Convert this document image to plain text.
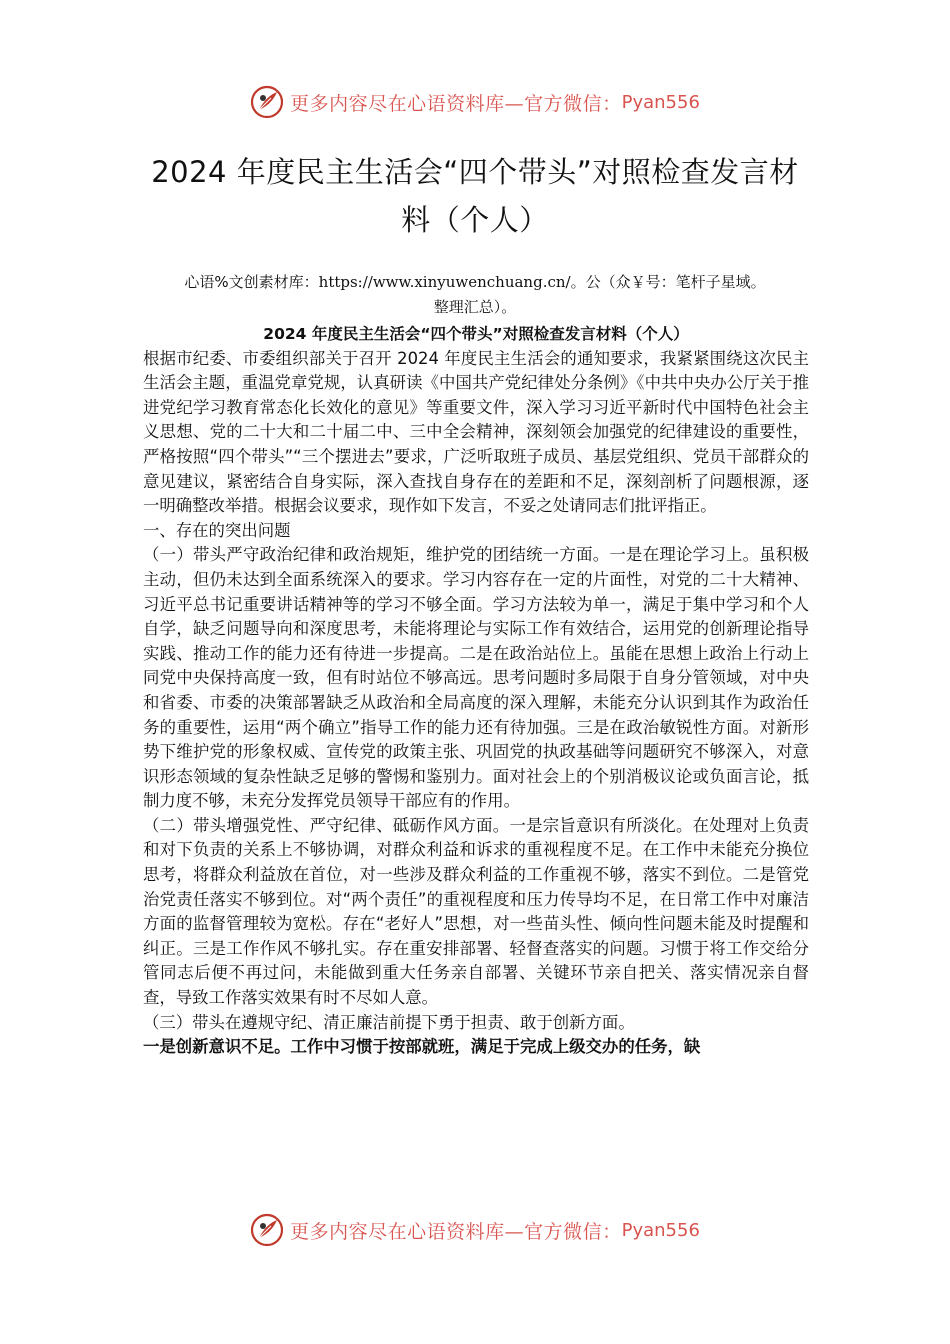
更多内容尽在心语资料库—官方微信： Pyan556
2024 年度民主生活会“四个带头”对照检查发言材
料（个人）
心语%文创素材库：https://www.xinyuwenchuang.cn/。公（众￥号：笔杆子星域。
整理汇总）。

2024 年度民主生活会“四个带头”对照检查发言材料（个人）

根据市纪委、市委组织部关于召开 2024 年度民主生活会的通知要求，我紧紧围绕这次民主生活会主题，重温党章党规，认真研读《中国共产党纪律处分条例》《中共中央办公厅关于推进党纪学习教育常态化长效化的意见》等重要文件，深入学习习近平新时代中国特色社会主义思想、党的二十大和二十届二中、三中全会精神，深刻领会加强党的纪律建设的重要性，严格按照“四个带头”“三个摆进去”要求，广泛听取班子成员、基层党组织、党员干部群众的意见建议，紧密结合自身实际，深入查找自身存在的差距和不足，深刻剖析了问题根源，逐一明确整改举措。根据会议要求，现作如下发言，不妥之处请同志们批评指正。

一、存在的突出问题

（一）带头严守政治纪律和政治规矩，维护党的团结统一方面。一是在理论学习上。虽积极主动，但仍未达到全面系统深入的要求。学习内容存在一定的片面性，对党的二十大精神、习近平总书记重要讲话精神等的学习不够全面。学习方法较为单一，满足于集中学习和个人自学，缺乏问题导向和深度思考，未能将理论与实际工作有效结合，运用党的创新理论指导实践、推动工作的能力还有待进一步提高。二是在政治站位上。虽能在思想上政治上行动上同党中央保持高度一致，但有时站位不够高远。思考问题时多局限于自身分管领域，对中央和省委、市委的决策部署缺乏从政治和全局高度的深入理解，未能充分认识到其作为政治任务的重要性，运用“两个确立”指导工作的能力还有待加强。三是在政治敏锐性方面。对新形势下维护党的形象权威、宣传党的政策主张、巩固党的执政基础等问题研究不够深入，对意识形态领域的复杂性缺乏足够的警惕和鉴别力。面对社会上的个别消极议论或负面言论，抵制力度不够，未充分发挥党员领导干部应有的作用。

（二）带头增强党性、严守纪律、砥砺作风方面。一是宗旨意识有所淡化。在处理对上负责和对下负责的关系上不够协调，对群众利益和诉求的重视程度不足。在工作中未能充分换位思考，将群众利益放在首位，对一些涉及群众利益的工作重视不够，落实不到位。二是管党治党责任落实不够到位。对“两个责任”的重视程度和压力传导均不足，在日常工作中对廉洁方面的监督管理较为宽松。存在“老好人”思想，对一些苗头性、倾向性问题未能及时提醒和纠正。三是工作作风不够扎实。存在重安排部署、轻督查落实的问题。习惯于将工作交给分管同志后便不再过问，未能做到重大任务亲自部署、关键环节亲自把关、落实情况亲自督查，导致工作落实效果有时不尽如人意。

（三）带头在遵规守纪、清正廉洁前提下勇于担责、敢于创新方面。

一是创新意识不足。工作中习惯于按部就班，满足于完成上级交办的任务，缺

更多内容尽在心语资料库—官方微信： Pyan556
